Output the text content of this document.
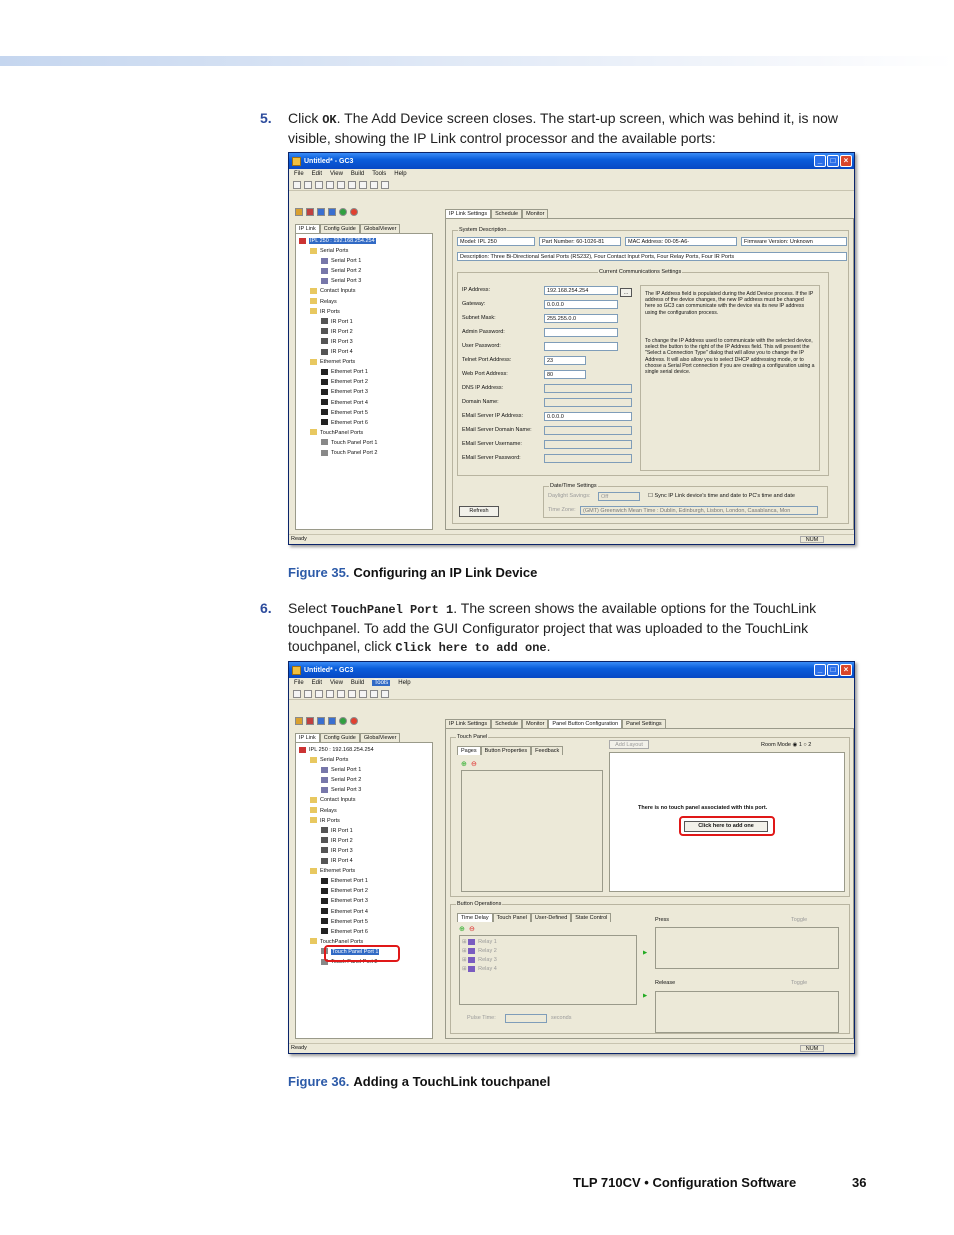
5. Click OK. The Add Device screen closes. The start-up screen, which was behind it, is now visible, showing the IP Link control processor and the available ports:
Untitled* - GC3	_	□	×
File Edit View Build Tools Help
IP Link	Config Guide	GlobalViewer
IPL 250 : 192.168.254.254
Serial Ports
Serial Port 1
Serial Port 2
Serial Port 3
Contact Inputs
Relays
IR Ports
IR Port 1
IR Port 2
IR Port 3
IR Port 4
Ethernet Ports
Ethernet Port 1
Ethernet Port 2
Ethernet Port 3
Ethernet Port 4
Ethernet Port 5
Ethernet Port 6
TouchPanel Ports
Touch Panel Port 1
Touch Panel Port 2
IP Link Settings	Schedule	Monitor
System Description
Model: IPL 250	Part Number: 60-1026-81	MAC Address: 00-05-A6-	Firmware Version: Unknown
Description: Three Bi-Directional Serial Ports (RS232), Four Contact Input Ports, Four Relay Ports, Four IR Ports
Current Communications Settings
IP Address:	192.168.254.254
Gateway:	0.0.0.0
Subnet Mask:	255.255.0.0
Admin Password:
User Password:
Telnet Port Address:	23
Web Port Address:	80
DNS IP Address:
Domain Name:
EMail Server IP Address:	0.0.0.0
EMail Server Domain Name:
EMail Server Username:
EMail Server Password:
...	The IP Address field is populated during the Add Device process. If the IP address of the device changes, the new IP address must be changed here so GC3 can communicate with the device via its new IP address using the configuration process.
To change the IP Address used to communicate with the selected device, select the button to the right of the IP Address field. This will present the "Select a Connection Type" dialog that will allow you to change the IP Address. It will also allow you to select DHCP addressing mode, or to choose a Serial Port connection if you are creating a configuration using a single serial device.
Date/Time Settings
Daylight Savings:	Off	☐ Sync IP Link device's time and date to PC's time and date
Time Zone:	(GMT) Greenwich Mean Time : Dublin, Edinburgh, Lisbon, London, Casablanca, Mon
Refresh
Ready	NUM
Figure 35. Configuring an IP Link Device
6. Select TouchPanel Port 1. The screen shows the available options for the TouchLink touchpanel. To add the GUI Configurator project that was uploaded to the TouchLink touchpanel, click Click here to add one.
Untitled* - GC3	_	□	×
File Edit View Build	Tools	Help
IP Link	Config Guide	GlobalViewer
IPL 250 : 192.168.254.254
Serial Ports
Serial Port 1
Serial Port 2
Serial Port 3
Contact Inputs
Relays
IR Ports
IR Port 1
IR Port 2
IR Port 3
IR Port 4
Ethernet Ports
Ethernet Port 1
Ethernet Port 2
Ethernet Port 3
Ethernet Port 4
Ethernet Port 5
Ethernet Port 6
TouchPanel Ports
Touch Panel Port 1
Touch Panel Port 2
IP Link Settings	Schedule	Monitor	Panel Button Configuration	Panel Settings
Touch Panel
Pages	Button Properties	Feedback
⊕ ⊖
Add Layout	Room Mode ◉ 1 ○ 2
There is no touch panel associated with this port.
Click here to add one
Button Operations
Time Delay	Touch Panel	User-Defined	State Control
⊕ ⊖
⊞ Relay 1
⊞ Relay 2
⊞ Relay 3
⊞ Relay 4
Pulse Time:	seconds
▶
▶
Press	Toggle
Release	Toggle
Ready	NUM
Figure 36. Adding a TouchLink touchpanel
TLP 710CV • Configuration Software	36
